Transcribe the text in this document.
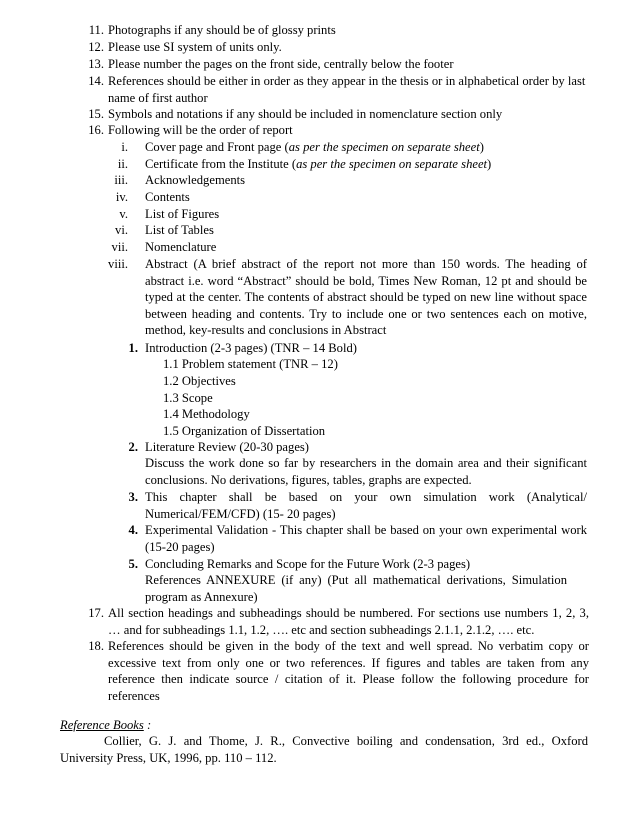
11. Photographs if any should be of glossy prints
12. Please use SI system of units only.
13. Please number the pages on the front side, centrally below the footer
14. References should be either in order as they appear in the thesis or in alphabetical order by last
name of first author
15. Symbols and notations if any should be included in nomenclature section only
16. Following will be the order of report
i. Cover page and Front page (as per the specimen on separate sheet)
ii. Certificate from the Institute (as per the specimen on separate sheet)
iii. Acknowledgements
iv. Contents
v. List of Figures
vi. List of Tables
vii. Nomenclature
viii. Abstract (A brief abstract of the report not more than 150 words. The heading of abstract i.e. word “Abstract” should be bold, Times New Roman, 12 pt and should be typed at the center. The contents of abstract should be typed on new line without space between heading and contents. Try to include one or two sentences each on motive, method, key-results and conclusions in Abstract
1. Introduction (2-3 pages) (TNR – 14 Bold)
1.1 Problem statement (TNR – 12)
1.2 Objectives
1.3 Scope
1.4 Methodology
1.5 Organization of Dissertation
2. Literature Review (20-30 pages)
Discuss the work done so far by researchers in the domain area and their significant conclusions. No derivations, figures, tables, graphs are expected.
3. This chapter shall be based on your own simulation work (Analytical/ Numerical/FEM/CFD) (15- 20 pages)
4. Experimental Validation - This chapter shall be based on your own experimental work (15-20 pages)
5. Concluding Remarks and Scope for the Future Work (2-3 pages)
References ANNEXURE (if any) (Put all mathematical derivations, Simulation program as Annexure)
17. All section headings and subheadings should be numbered. For sections use numbers 1, 2, 3, … and for subheadings 1.1, 1.2, …. etc and section subheadings 2.1.1, 2.1.2, …. etc.
18. References should be given in the body of the text and well spread. No verbatim copy or excessive text from only one or two references. If figures and tables are taken from any reference then indicate source / citation of it. Please follow the following procedure for references
Reference Books :
Collier, G. J. and Thome, J. R., Convective boiling and condensation, 3rd ed., Oxford University Press, UK, 1996, pp. 110 – 112.
